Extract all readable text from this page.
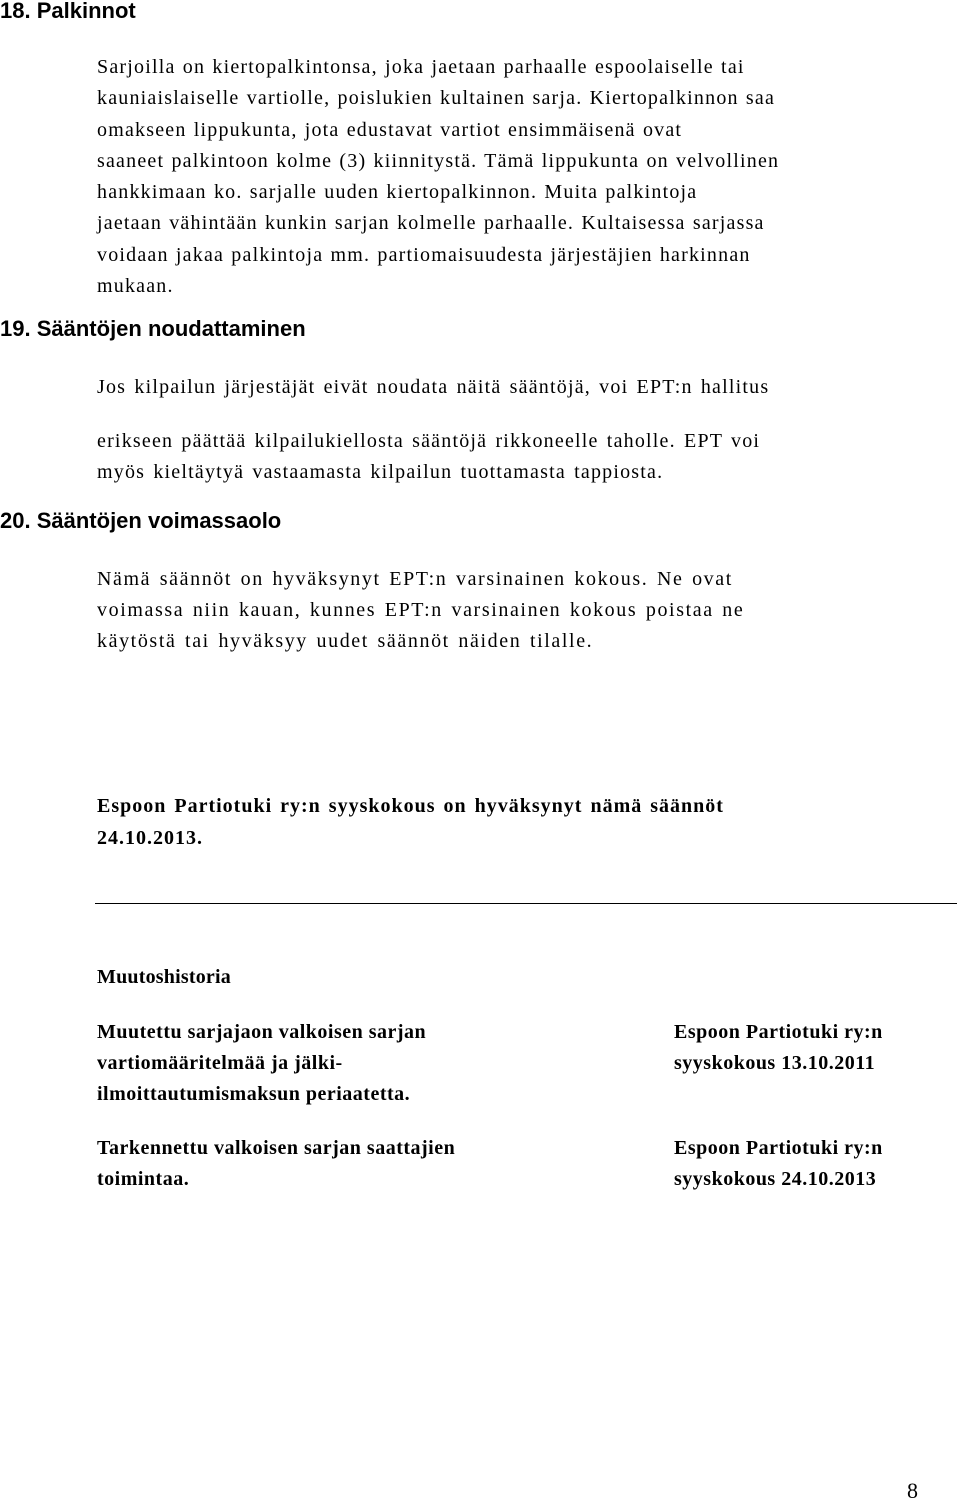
18. Palkinnot
Sarjoilla on kiertopalkintonsa, joka jaetaan parhaalle espoolaiselle tai
kauniaislaiselle vartiolle, poislukien kultainen sarja. Kiertopalkinnon saa
omakseen lippukunta, jota edustavat vartiot ensimmäisenä ovat
saaneet palkintoon kolme (3) kiinnitystä. Tämä lippukunta on velvollinen
hankkimaan ko. sarjalle uuden kiertopalkinnon. Muita palkintoja
jaetaan vähintään kunkin sarjan kolmelle parhaalle. Kultaisessa sarjassa
voidaan jakaa palkintoja mm. partiomaisuudesta järjestäjien harkinnan
mukaan.
19. Sääntöjen noudattaminen
Jos kilpailun järjestäjät eivät noudata näitä sääntöjä, voi EPT:n hallitus
erikseen päättää kilpailukiellosta sääntöjä rikkoneelle taholle. EPT voi
myös kieltäytyä vastaamasta kilpailun tuottamasta tappiosta.
20. Sääntöjen voimassaolo
Nämä säännöt on hyväksynyt EPT:n varsinainen kokous. Ne ovat
voimassa niin kauan, kunnes EPT:n varsinainen kokous poistaa ne
käytöstä tai hyväksyy uudet säännöt näiden tilalle.
Espoon Partiotuki ry:n syyskokous on hyväksynyt nämä säännöt
24.10.2013.
Muutoshistoria
Muutettu sarjajaon valkoisen sarjan
vartiomääritelmää ja jälki-
ilmoittautumismaksun periaatetta.
Espoon Partiotuki ry:n
syyskokous 13.10.2011
Tarkennettu valkoisen sarjan saattajien
toimintaa.
Espoon Partiotuki ry:n
syyskokous 24.10.2013
8
